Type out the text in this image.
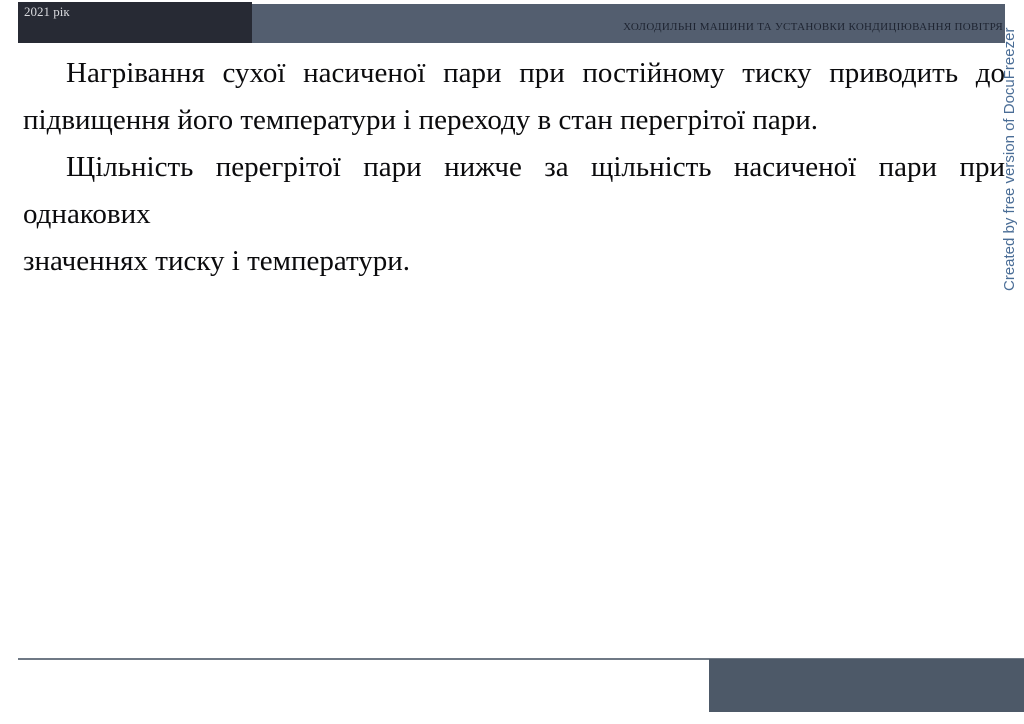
2021 рік
ХОЛОДИЛЬНІ МАШИНИ ТА УСТАНОВКИ КОНДИЦІЮВАННЯ ПОВІТРЯ
Нагрівання сухої насиченої пари при постійному тиску приводить до
підвищення його температури і переходу в стан перегрітої пари.
Щільність перегрітої пари нижче за щільність насиченої пари при однакових
значеннях тиску і температури.	Created by free version of DocuFreezer
